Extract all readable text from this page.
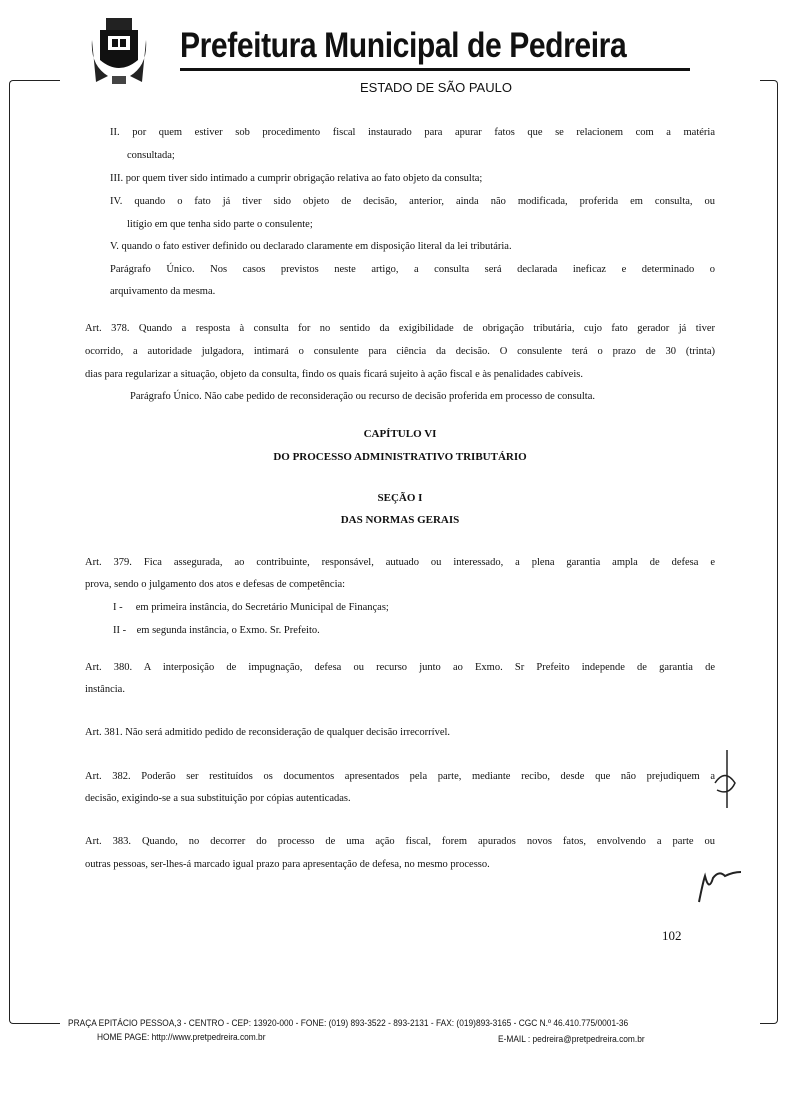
Prefeitura Municipal de Pedreira
ESTADO DE SÃO PAULO
II. por quem estiver sob procedimento fiscal instaurado para apurar fatos que se relacionem com a matéria
consultada;
III. por quem tiver sido intimado a cumprir obrigação relativa ao fato objeto da consulta;
IV. quando o fato já tiver sido objeto de decisão, anterior, ainda não modificada, proferida em consulta, ou
litígio em que tenha sido parte o consulente;
V. quando o fato estiver definido ou declarado claramente em disposição literal da lei tributária.
Parágrafo Único. Nos casos previstos neste artigo, a consulta será declarada ineficaz e determinado o
arquivamento da mesma.
Art. 378. Quando a resposta à consulta for no sentido da exigibilidade de obrigação tributária, cujo fato gerador já tiver
ocorrido, a autoridade julgadora, intimará o consulente para ciência da decisão. O consulente terá o prazo de 30 (trinta)
dias para regularizar a situação, objeto da consulta, findo os quais ficará sujeito à ação fiscal e às penalidades cabíveis.
Parágrafo Único. Não cabe pedido de reconsideração ou recurso de decisão proferida em processo de consulta.
CAPÍTULO VI
DO PROCESSO ADMINISTRATIVO TRIBUTÁRIO
SEÇÃO I
DAS NORMAS GERAIS
Art. 379. Fica assegurada, ao contribuinte, responsável, autuado ou interessado, a plena garantia ampla de defesa e
prova, sendo o julgamento dos atos e defesas de competência:
I -     em primeira instância, do Secretário Municipal de Finanças;
II -    em segunda instância, o Exmo. Sr. Prefeito.
Art. 380. A interposição de impugnação, defesa ou recurso junto ao Exmo. Sr Prefeito independe de garantia de
instância.
Art. 381. Não será admitido pedido de reconsideração de qualquer decisão irrecorrível.
Art. 382. Poderão ser restituídos os documentos apresentados pela parte, mediante recibo, desde que não prejudiquem a
decisão, exigindo-se a sua substituição por cópias autenticadas.
Art. 383. Quando, no decorrer do processo de uma ação fiscal, forem apurados novos fatos, envolvendo a parte ou
outras pessoas, ser-lhes-á marcado igual prazo para apresentação de defesa, no mesmo processo.
102
PRAÇA EPITÁCIO PESSOA,3 - CENTRO - CEP: 13920-000 - FONE: (019) 893-3522 - 893-2131 - FAX: (019)893-3165 - CGC N.º 46.410.775/0001-36
HOME PAGE: http://www.pretpedreira.com.br	E-MAIL : pedreira@pretpedreira.com.br
